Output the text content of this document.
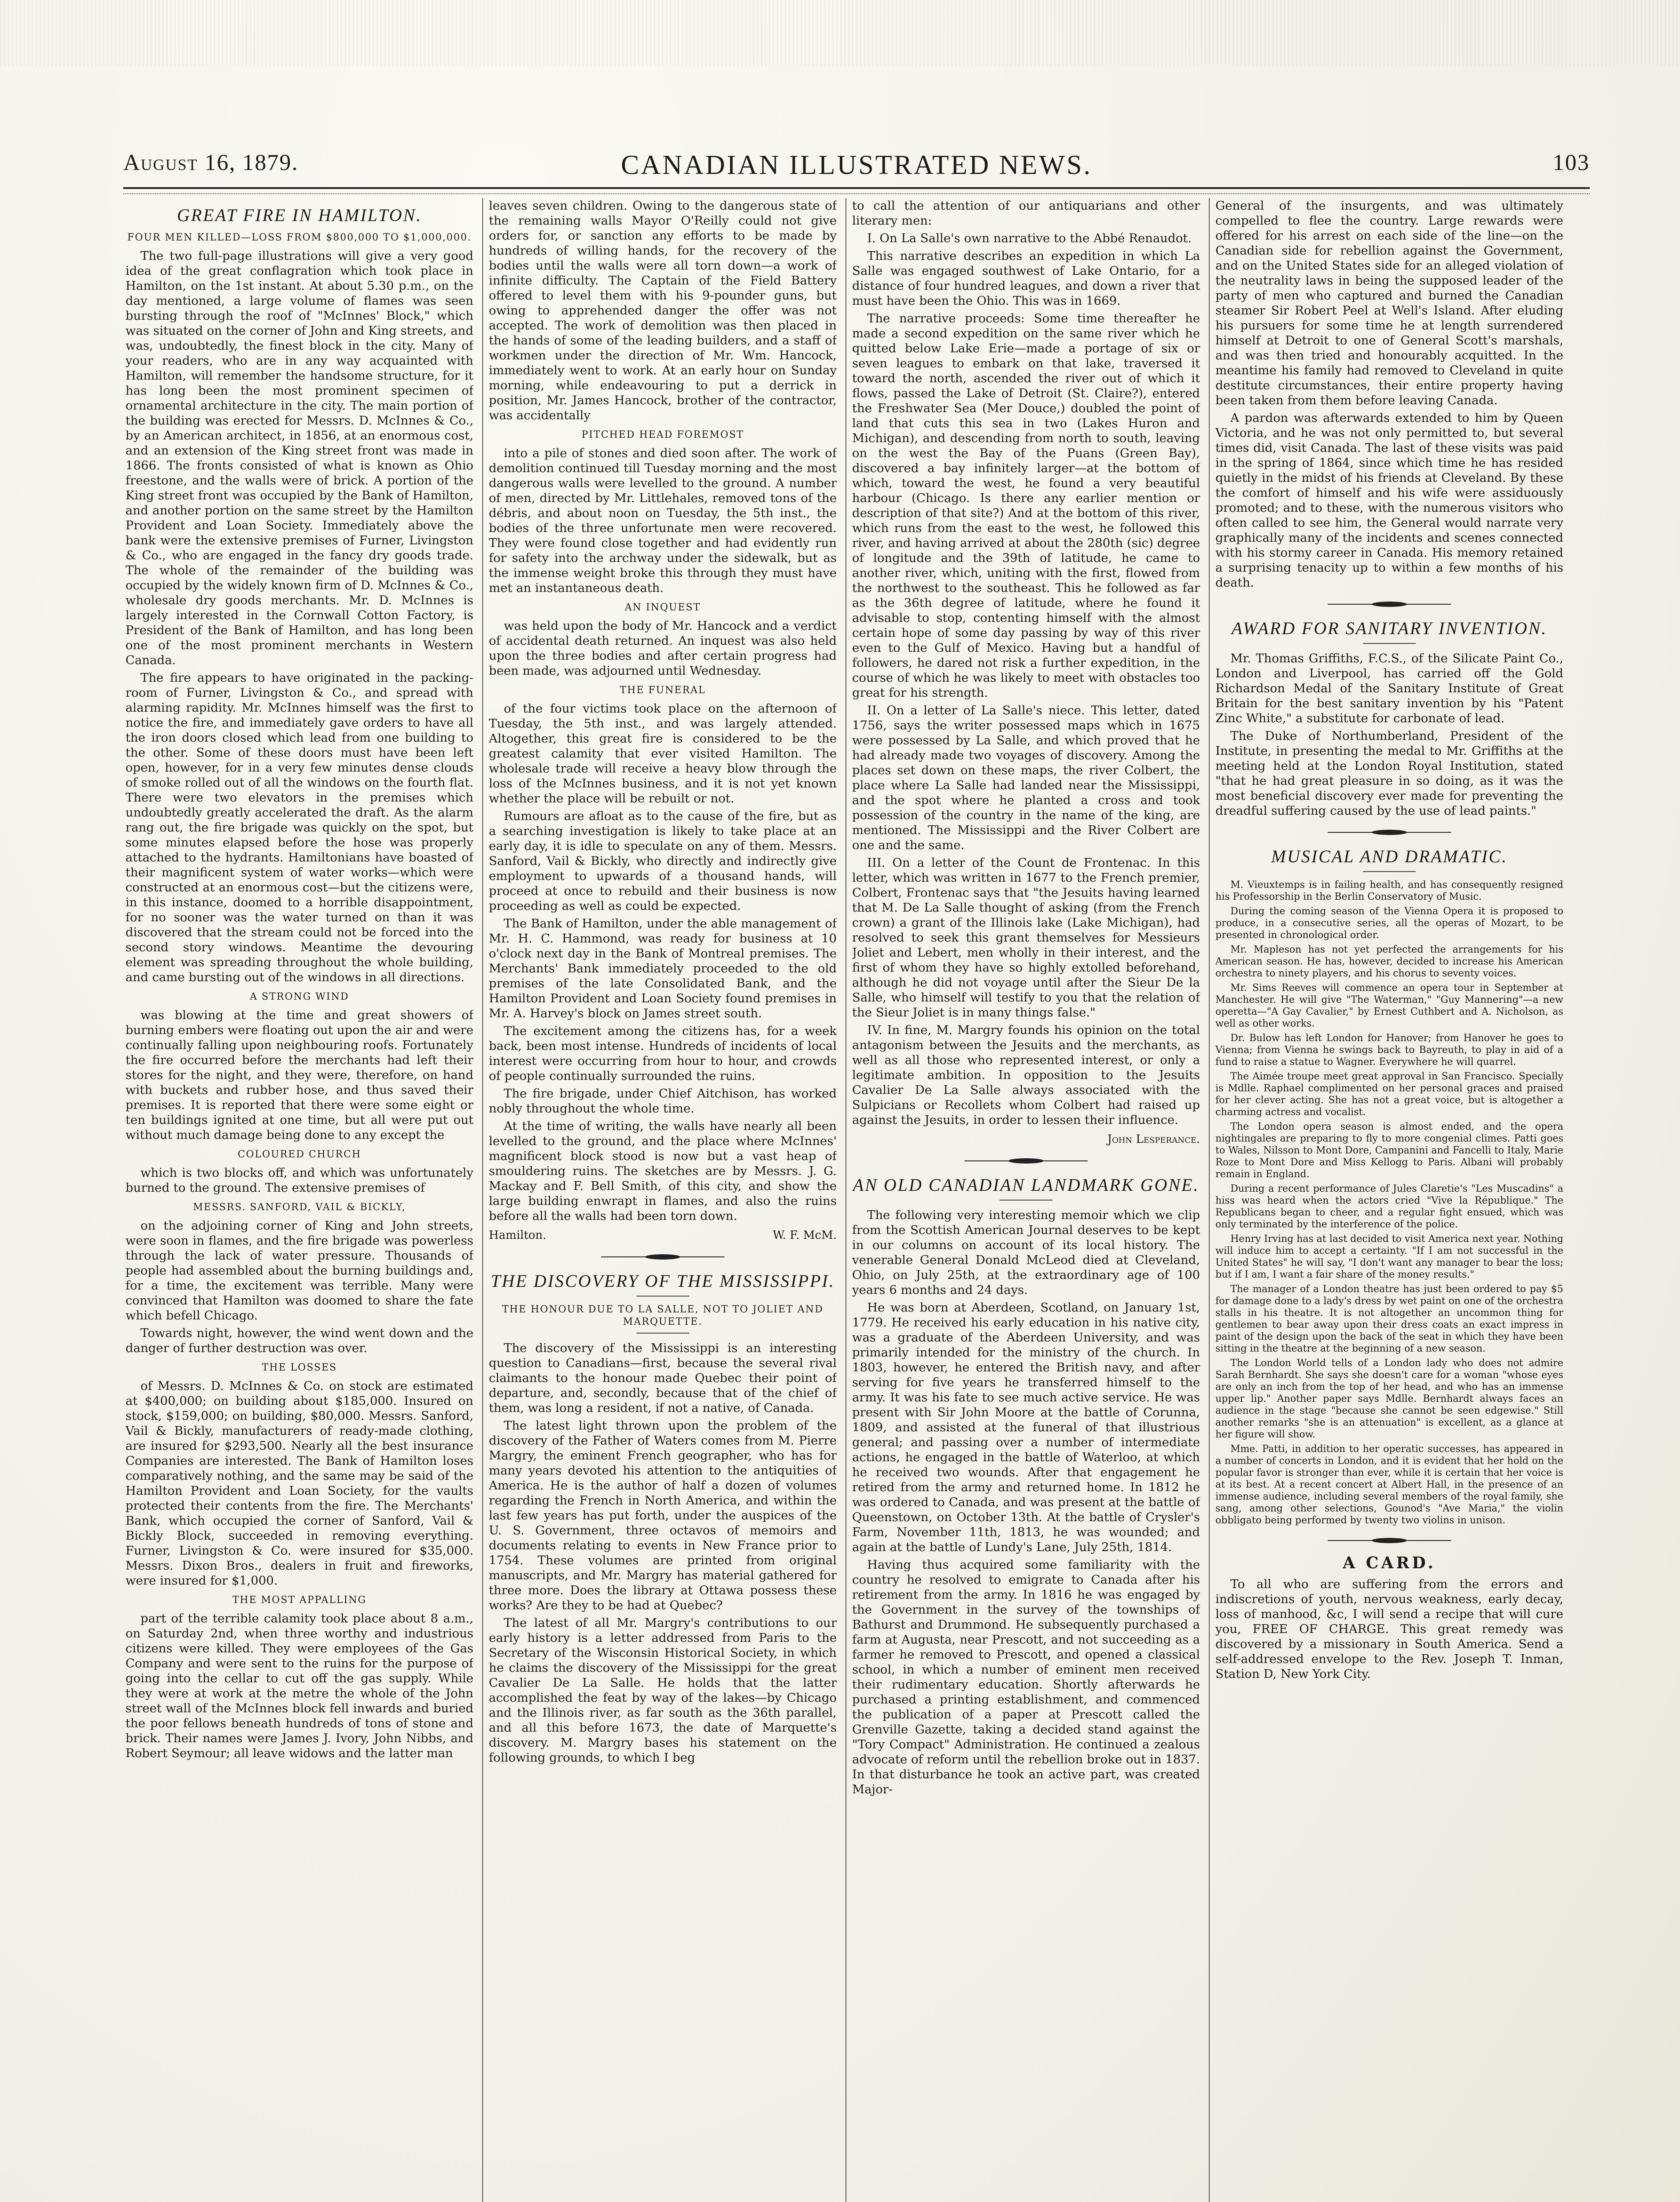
CANADIAN ILLUSTRATED NEWS.
August 16, 1879.	103
GREAT FIRE IN HAMILTON.
FOUR MEN KILLED—LOSS FROM $800,000 TO $1,000,000.

The two full-page illustrations will give a very good idea of the great conflagration which took place in Hamilton, on the 1st instant. At about 5.30 p.m., on the day mentioned, a large volume of flames was seen bursting through the roof of "McInnes' Block," which was situated on the corner of John and King streets, and was, undoubtedly, the finest block in the city. Many of your readers, who are in any way acquainted with Hamilton, will remember the handsome structure, for it has long been the most prominent specimen of ornamental architecture in the city. The main portion of the building was erected for Messrs. D. McInnes & Co., by an American architect, in 1856, at an enormous cost, and an extension of the King street front was made in 1866. The fronts consisted of what is known as Ohio freestone, and the walls were of brick. A portion of the King street front was occupied by the Bank of Hamilton, and another portion on the same street by the Hamilton Provident and Loan Society. Immediately above the bank were the extensive premises of Furner, Livingston & Co., who are engaged in the fancy dry goods trade. The whole of the remainder of the building was occupied by the widely known firm of D. McInnes & Co., wholesale dry goods merchants. Mr. D. McInnes is largely interested in the Cornwall Cotton Factory, is President of the Bank of Hamilton, and has long been one of the most prominent merchants in Western Canada.

The fire appears to have originated in the packing-room of Furner, Livingston & Co., and spread with alarming rapidity. Mr. McInnes himself was the first to notice the fire, and immediately gave orders to have all the iron doors closed which lead from one building to the other. Some of these doors must have been left open, however, for in a very few minutes dense clouds of smoke rolled out of all the windows on the fourth flat. There were two elevators in the premises which undoubtedly greatly accelerated the draft. As the alarm rang out, the fire brigade was quickly on the spot, but some minutes elapsed before the hose was properly attached to the hydrants. Hamiltonians have boasted of their magnificent system of water works—which were constructed at an enormous cost—but the citizens were, in this instance, doomed to a horrible disappointment, for no sooner was the water turned on than it was discovered that the stream could not be forced into the second story windows. Meantime the devouring element was spreading throughout the whole building, and came bursting out of the windows in all directions.

A STRONG WIND

was blowing at the time and great showers of burning embers were floating out upon the air and were continually falling upon neighbouring roofs. Fortunately the fire occurred before the merchants had left their stores for the night, and they were, therefore, on hand with buckets and rubber hose, and thus saved their premises. It is reported that there were some eight or ten buildings ignited at one time, but all were put out without much damage being done to any except the

COLOURED CHURCH

which is two blocks off, and which was unfortunately burned to the ground. The extensive premises of

MESSRS. SANFORD, VAIL & BICKLY,

on the adjoining corner of King and John streets, were soon in flames, and the fire brigade was powerless through the lack of water pressure. Thousands of people had assembled about the burning buildings and, for a time, the excitement was terrible. Many were convinced that Hamilton was doomed to share the fate which befell Chicago.

Towards night, however, the wind went down and the danger of further destruction was over.

THE LOSSES

of Messrs. D. McInnes & Co. on stock are estimated at $400,000; on building about $185,000. Insured on stock, $159,000; on building, $80,000. Messrs. Sanford, Vail & Bickly, manufacturers of ready-made clothing, are insured for $293,500. Nearly all the best insurance Companies are interested. The Bank of Hamilton loses comparatively nothing, and the same may be said of the Hamilton Provident and Loan Society, for the vaults protected their contents from the fire. The Merchants' Bank, which occupied the corner of Sanford, Vail & Bickly Block, succeeded in removing everything. Furner, Livingston & Co. were insured for $35,000. Messrs. Dixon Bros., dealers in fruit and fireworks, were insured for $1,000.

THE MOST APPALLING

part of the terrible calamity took place about 8 a.m., on Saturday 2nd, when three worthy and industrious citizens were killed. They were employees of the Gas Company and were sent to the ruins for the purpose of going into the cellar to cut off the gas supply. While they were at work at the metre the whole of the John street wall of the McInnes block fell inwards and buried the poor fellows beneath hundreds of tons of stone and brick. Their names were James J. Ivory, John Nibbs, and Robert Seymour; all leave widows and the latter man

leaves seven children. Owing to the dangerous state of the remaining walls Mayor O'Reilly could not give orders for, or sanction any efforts to be made by hundreds of willing hands, for the recovery of the bodies until the walls were all torn down—a work of infinite difficulty. The Captain of the Field Battery offered to level them with his 9-pounder guns, but owing to apprehended danger the offer was not accepted. The work of demolition was then placed in the hands of some of the leading builders, and a staff of workmen under the direction of Mr. Wm. Hancock, immediately went to work. At an early hour on Sunday morning, while endeavouring to put a derrick in position, Mr. James Hancock, brother of the contractor, was accidentally

PITCHED HEAD FOREMOST

into a pile of stones and died soon after. The work of demolition continued till Tuesday morning and the most dangerous walls were levelled to the ground. A number of men, directed by Mr. Littlehales, removed tons of the débris, and about noon on Tuesday, the 5th inst., the bodies of the three unfortunate men were recovered. They were found close together and had evidently run for safety into the archway under the sidewalk, but as the immense weight broke this through they must have met an instantaneous death.

AN INQUEST

was held upon the body of Mr. Hancock and a verdict of accidental death returned. An inquest was also held upon the three bodies and after certain progress had been made, was adjourned until Wednesday.

THE FUNERAL

of the four victims took place on the afternoon of Tuesday, the 5th inst., and was largely attended. Altogether, this great fire is considered to be the greatest calamity that ever visited Hamilton. The wholesale trade will receive a heavy blow through the loss of the McInnes business, and it is not yet known whether the place will be rebuilt or not.

Rumours are afloat as to the cause of the fire, but as a searching investigation is likely to take place at an early day, it is idle to speculate on any of them. Messrs. Sanford, Vail & Bickly, who directly and indirectly give employment to upwards of a thousand hands, will proceed at once to rebuild and their business is now proceeding as well as could be expected.

The Bank of Hamilton, under the able management of Mr. H. C. Hammond, was ready for business at 10 o'clock next day in the Bank of Montreal premises. The Merchants' Bank immediately proceeded to the old premises of the late Consolidated Bank, and the Hamilton Provident and Loan Society found premises in Mr. A. Harvey's block on James street south.

The excitement among the citizens has, for a week back, been most intense. Hundreds of incidents of local interest were occurring from hour to hour, and crowds of people continually surrounded the ruins.

The fire brigade, under Chief Aitchison, has worked nobly throughout the whole time.

At the time of writing, the walls have nearly all been levelled to the ground, and the place where McInnes' magnificent block stood is now but a vast heap of smouldering ruins. The sketches are by Messrs. J. G. Mackay and F. Bell Smith, of this city, and show the large building enwrapt in flames, and also the ruins before all the walls had been torn down.

Hamilton.	W. F. McM.
THE DISCOVERY OF THE MISSISSIPPI.
THE HONOUR DUE TO LA SALLE, NOT TO JOLIET AND MARQUETTE.

The discovery of the Mississippi is an interesting question to Canadians—first, because the several rival claimants to the honour made Quebec their point of departure, and, secondly, because that of the chief of them, was long a resident, if not a native, of Canada.

The latest light thrown upon the problem of the discovery of the Father of Waters comes from M. Pierre Margry, the eminent French geographer, who has for many years devoted his attention to the antiquities of America. He is the author of half a dozen of volumes regarding the French in North America, and within the last few years has put forth, under the auspices of the U. S. Government, three octavos of memoirs and documents relating to events in New France prior to 1754. These volumes are printed from original manuscripts, and Mr. Margry has material gathered for three more. Does the library at Ottawa possess these works? Are they to be had at Quebec?

The latest of all Mr. Margry's contributions to our early history is a letter addressed from Paris to the Secretary of the Wisconsin Historical Society, in which he claims the discovery of the Mississippi for the great Cavalier De La Salle. He holds that the latter accomplished the feat by way of the lakes—by Chicago and the Illinois river, as far south as the 36th parallel, and all this before 1673, the date of Marquette's discovery. M. Margry bases his statement on the following grounds, to which I beg

to call the attention of our antiquarians and other literary men:

I. On La Salle's own narrative to the Abbé Renaudot.

This narrative describes an expedition in which La Salle was engaged southwest of Lake Ontario, for a distance of four hundred leagues, and down a river that must have been the Ohio. This was in 1669.

The narrative proceeds: Some time thereafter he made a second expedition on the same river which he quitted below Lake Erie—made a portage of six or seven leagues to embark on that lake, traversed it toward the north, ascended the river out of which it flows, passed the Lake of Detroit (St. Claire?), entered the Freshwater Sea (Mer Douce,) doubled the point of land that cuts this sea in two (Lakes Huron and Michigan), and descending from north to south, leaving on the west the Bay of the Puans (Green Bay), discovered a bay infinitely larger—at the bottom of which, toward the west, he found a very beautiful harbour (Chicago. Is there any earlier mention or description of that site?) And at the bottom of this river, which runs from the east to the west, he followed this river, and having arrived at about the 280th (sic) degree of longitude and the 39th of latitude, he came to another river, which, uniting with the first, flowed from the northwest to the southeast. This he followed as far as the 36th degree of latitude, where he found it advisable to stop, contenting himself with the almost certain hope of some day passing by way of this river even to the Gulf of Mexico. Having but a handful of followers, he dared not risk a further expedition, in the course of which he was likely to meet with obstacles too great for his strength.

II. On a letter of La Salle's niece. This letter, dated 1756, says the writer possessed maps which in 1675 were possessed by La Salle, and which proved that he had already made two voyages of discovery. Among the places set down on these maps, the river Colbert, the place where La Salle had landed near the Mississippi, and the spot where he planted a cross and took possession of the country in the name of the king, are mentioned. The Mississippi and the River Colbert are one and the same.

III. On a letter of the Count de Frontenac. In this letter, which was written in 1677 to the French premier, Colbert, Frontenac says that "the Jesuits having learned that M. De La Salle thought of asking (from the French crown) a grant of the Illinois lake (Lake Michigan), had resolved to seek this grant themselves for Messieurs Joliet and Lebert, men wholly in their interest, and the first of whom they have so highly extolled beforehand, although he did not voyage until after the Sieur De la Salle, who himself will testify to you that the relation of the Sieur Joliet is in many things false."

IV. In fine, M. Margry founds his opinion on the total antagonism between the Jesuits and the merchants, as well as all those who represented interest, or only a legitimate ambition. In opposition to the Jesuits Cavalier De La Salle always associated with the Sulpicians or Recollets whom Colbert had raised up against the Jesuits, in order to lessen their influence.

John Lesperance.
AN OLD CANADIAN LANDMARK GONE.

The following very interesting memoir which we clip from the Scottish American Journal deserves to be kept in our columns on account of its local history. The venerable General Donald McLeod died at Cleveland, Ohio, on July 25th, at the extraordinary age of 100 years 6 months and 24 days.

He was born at Aberdeen, Scotland, on January 1st, 1779. He received his early education in his native city, was a graduate of the Aberdeen University, and was primarily intended for the ministry of the church. In 1803, however, he entered the British navy, and after serving for five years he transferred himself to the army. It was his fate to see much active service. He was present with Sir John Moore at the battle of Corunna, 1809, and assisted at the funeral of that illustrious general; and passing over a number of intermediate actions, he engaged in the battle of Waterloo, at which he received two wounds. After that engagement he retired from the army and returned home. In 1812 he was ordered to Canada, and was present at the battle of Queenstown, on October 13th. At the battle of Crysler's Farm, November 11th, 1813, he was wounded; and again at the battle of Lundy's Lane, July 25th, 1814.

Having thus acquired some familiarity with the country he resolved to emigrate to Canada after his retirement from the army. In 1816 he was engaged by the Government in the survey of the townships of Bathurst and Drummond. He subsequently purchased a farm at Augusta, near Prescott, and not succeeding as a farmer he removed to Prescott, and opened a classical school, in which a number of eminent men received their rudimentary education. Shortly afterwards he purchased a printing establishment, and commenced the publication of a paper at Prescott called the Grenville Gazette, taking a decided stand against the "Tory Compact" Administration. He continued a zealous advocate of reform until the rebellion broke out in 1837. In that disturbance he took an active part, was created Major-

General of the insurgents, and was ultimately compelled to flee the country. Large rewards were offered for his arrest on each side of the line—on the Canadian side for rebellion against the Government, and on the United States side for an alleged violation of the neutrality laws in being the supposed leader of the party of men who captured and burned the Canadian steamer Sir Robert Peel at Well's Island. After eluding his pursuers for some time he at length surrendered himself at Detroit to one of General Scott's marshals, and was then tried and honourably acquitted. In the meantime his family had removed to Cleveland in quite destitute circumstances, their entire property having been taken from them before leaving Canada.

A pardon was afterwards extended to him by Queen Victoria, and he was not only permitted to, but several times did, visit Canada. The last of these visits was paid in the spring of 1864, since which time he has resided quietly in the midst of his friends at Cleveland. By these the comfort of himself and his wife were assiduously promoted; and to these, with the numerous visitors who often called to see him, the General would narrate very graphically many of the incidents and scenes connected with his stormy career in Canada. His memory retained a surprising tenacity up to within a few months of his death.

AWARD FOR SANITARY INVENTION.

Mr. Thomas Griffiths, F.C.S., of the Silicate Paint Co., London and Liverpool, has carried off the Gold Richardson Medal of the Sanitary Institute of Great Britain for the best sanitary invention by his "Patent Zinc White," a substitute for carbonate of lead.

The Duke of Northumberland, President of the Institute, in presenting the medal to Mr. Griffiths at the meeting held at the London Royal Institution, stated "that he had great pleasure in so doing, as it was the most beneficial discovery ever made for preventing the dreadful suffering caused by the use of lead paints."

MUSICAL AND DRAMATIC.

M. Vieuxtemps is in failing health, and has consequently resigned his Professorship in the Berlin Conservatory of Music.

During the coming season of the Vienna Opera it is proposed to produce, in a consecutive series, all the operas of Mozart, to be presented in chronological order.

Mr. Mapleson has not yet perfected the arrangements for his American season. He has, however, decided to increase his American orchestra to ninety players, and his chorus to seventy voices.

Mr. Sims Reeves will commence an opera tour in September at Manchester. He will give "The Waterman," "Guy Mannering"—a new operetta—"A Gay Cavalier," by Ernest Cuthbert and A. Nicholson, as well as other works.

Dr. Bulow has left London for Hanover; from Hanover he goes to Vienna; from Vienna he swings back to Bayreuth, to play in aid of a fund to raise a statue to Wagner. Everywhere he will quarrel.

The Aimée troupe meet great approval in San Francisco. Specially is Mdlle. Raphael complimented on her personal graces and praised for her clever acting. She has not a great voice, but is altogether a charming actress and vocalist.

The London opera season is almost ended, and the opera nightingales are preparing to fly to more congenial climes. Patti goes to Wales, Nilsson to Mont Dore, Campanini and Fancelli to Italy, Marie Roze to Mont Dore and Miss Kellogg to Paris. Albani will probably remain in England.

During a recent performance of Jules Claretie's "Les Muscadins" a hiss was heard when the actors cried "Vive la République." The Republicans began to cheer, and a regular fight ensued, which was only terminated by the interference of the police.

Henry Irving has at last decided to visit America next year. Nothing will induce him to accept a certainty. "If I am not successful in the United States" he will say, "I don't want any manager to bear the loss; but if I am, I want a fair share of the money results."

The manager of a London theatre has just been ordered to pay $5 for damage done to a lady's dress by wet paint on one of the orchestra stalls in his theatre. It is not altogether an uncommon thing for gentlemen to bear away upon their dress coats an exact impress in paint of the design upon the back of the seat in which they have been sitting in the theatre at the beginning of a new season.

The London World tells of a London lady who does not admire Sarah Bernhardt. She says she doesn't care for a woman "whose eyes are only an inch from the top of her head, and who has an immense upper lip." Another paper says Mdlle. Bernhardt always faces an audience in the stage "because she cannot be seen edgewise." Still another remarks "she is an attenuation" is excellent, as a glance at her figure will show.

Mme. Patti, in addition to her operatic successes, has appeared in a number of concerts in London, and it is evident that her hold on the popular favor is stronger than ever, while it is certain that her voice is at its best. At a recent concert at Albert Hall, in the presence of an immense audience, including several members of the royal family, she sang, among other selections, Gounod's "Ave Maria," the violin obbligato being performed by twenty two violins in unison.

A CARD.

To all who are suffering from the errors and indiscretions of youth, nervous weakness, early decay, loss of manhood, &c, I will send a recipe that will cure you, FREE OF CHARGE. This great remedy was discovered by a missionary in South America. Send a self-addressed envelope to the Rev. Joseph T. Inman, Station D, New York City.
